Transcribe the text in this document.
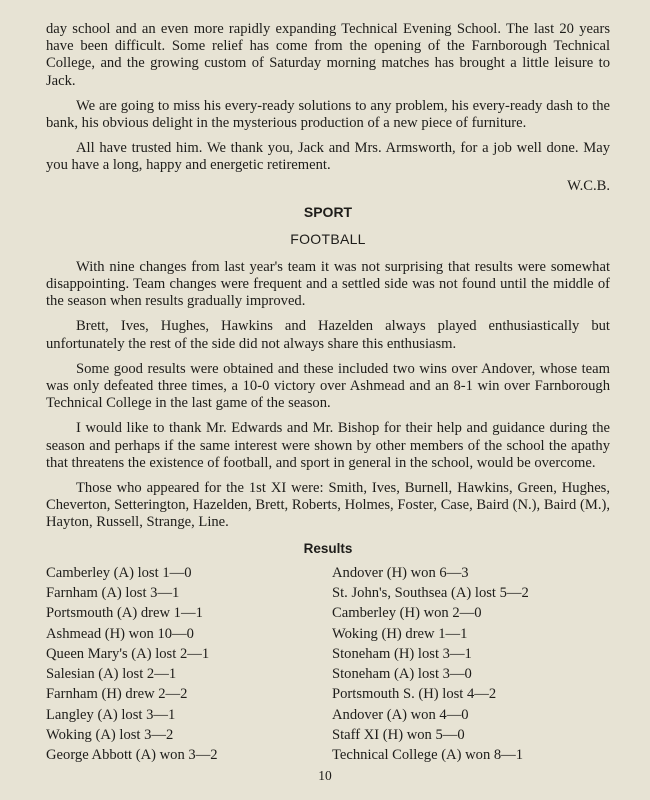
day school and an even more rapidly expanding Technical Evening School. The last 20 years have been difficult. Some relief has come from the opening of the Farnborough Technical College, and the growing custom of Saturday morning matches has brought a little leisure to Jack.

We are going to miss his every-ready solutions to any problem, his every-ready dash to the bank, his obvious delight in the mysterious production of a new piece of furniture.

All have trusted him. We thank you, Jack and Mrs. Armsworth, for a job well done. May you have a long, happy and energetic retirement.

W.C.B.
SPORT
FOOTBALL

With nine changes from last year's team it was not surprising that results were somewhat disappointing. Team changes were frequent and a settled side was not found until the middle of the season when results gradually improved.

Brett, Ives, Hughes, Hawkins and Hazelden always played enthusiastically but unfortunately the rest of the side did not always share this enthusiasm.

Some good results were obtained and these included two wins over Andover, whose team was only defeated three times, a 10-0 victory over Ashmead and an 8-1 win over Farnborough Technical College in the last game of the season.

I would like to thank Mr. Edwards and Mr. Bishop for their help and guidance during the season and perhaps if the same interest were shown by other members of the school the apathy that threatens the existence of football, and sport in general in the school, would be overcome.

Those who appeared for the 1st XI were: Smith, Ives, Burnell, Hawkins, Green, Hughes, Cheverton, Setterington, Hazelden, Brett, Roberts, Holmes, Foster, Case, Baird (N.), Baird (M.), Hayton, Russell, Strange, Line.

Results
Camberley (A) lost 1—0
Farnham (A) lost 3—1
Portsmouth (A) drew 1—1
Ashmead (H) won 10—0
Queen Mary's (A) lost 2—1
Salesian (A) lost 2—1
Farnham (H) drew 2—2
Langley (A) lost 3—1
Woking (A) lost 3—2
George Abbott (A) won 3—2
Andover (H) won 6—3
St. John's, Southsea (A) lost 5—2
Camberley (H) won 2—0
Woking (H) drew 1—1
Stoneham (H) lost 3—1
Stoneham (A) lost 3—0
Portsmouth S. (H) lost 4—2
Andover (A) won 4—0
Staff XI (H) won 5—0
Technical College (A) won 8—1
10
